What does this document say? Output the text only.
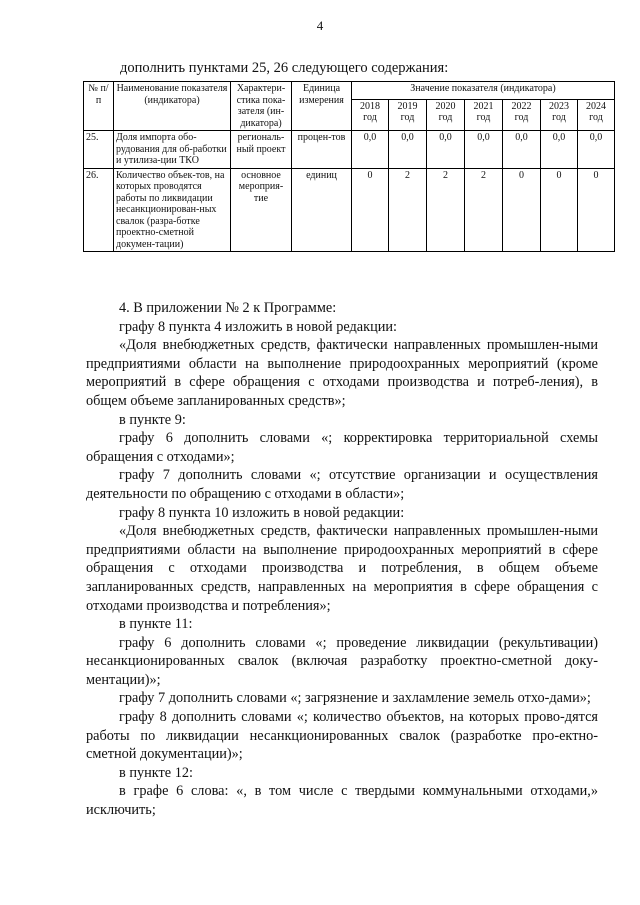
4
дополнить пунктами 25, 26 следующего содержания:
№ п/п	Наименование показателя (индикатора)	Характери-стика пока-зателя (ин-дикатора)	Единица измерения	Значение показателя (индикатора)						
				2018 год	2019 год	2020 год	2021 год	2022 год	2023 год	2024 год
25.	Доля импорта обо-рудования для об-работки и утилиза-ции ТКО	региональ-ный проект	процен-тов	0,0	0,0	0,0	0,0	0,0	0,0	0,0
26.	Количество объек-тов, на которых проводятся работы по ликвидации несанкционирован-ных свалок (разра-ботке проектно-сметной докумен-тации)	основное мероприя-тие	единиц	0	2	2	2	0	0	0

4. В приложении № 2 к Программе:

графу 8 пункта 4 изложить в новой редакции:

«Доля внебюджетных средств, фактически направленных промышлен-ными предприятиями области на выполнение природоохранных мероприятий (кроме мероприятий в сфере обращения с отходами производства и потреб-ления), в общем объеме запланированных средств»;

в пункте 9:

графу 6 дополнить словами «; корректировка территориальной схемы обращения с отходами»;

графу 7 дополнить словами «; отсутствие организации и осуществления деятельности по обращению с отходами в области»;

графу 8 пункта 10 изложить в новой редакции:

«Доля внебюджетных средств, фактически направленных промышлен-ными предприятиями области на выполнение природоохранных мероприятий в сфере обращения с отходами производства и потребления, в общем объеме запланированных средств, направленных на мероприятия в сфере обращения с отходами производства и потребления»;

в пункте 11:

графу 6 дополнить словами «; проведение ликвидации (рекультивации) несанкционированных свалок (включая разработку проектно-сметной доку-ментации)»;

графу 7 дополнить словами «; загрязнение и захламление земель отхо-дами»;

графу 8 дополнить словами «; количество объектов, на которых прово-дятся работы по ликвидации несанкционированных свалок (разработке про-ектно-сметной документации)»;

в пункте 12:

в графе 6 слова: «, в том числе с твердыми коммунальными отходами,» исключить;
